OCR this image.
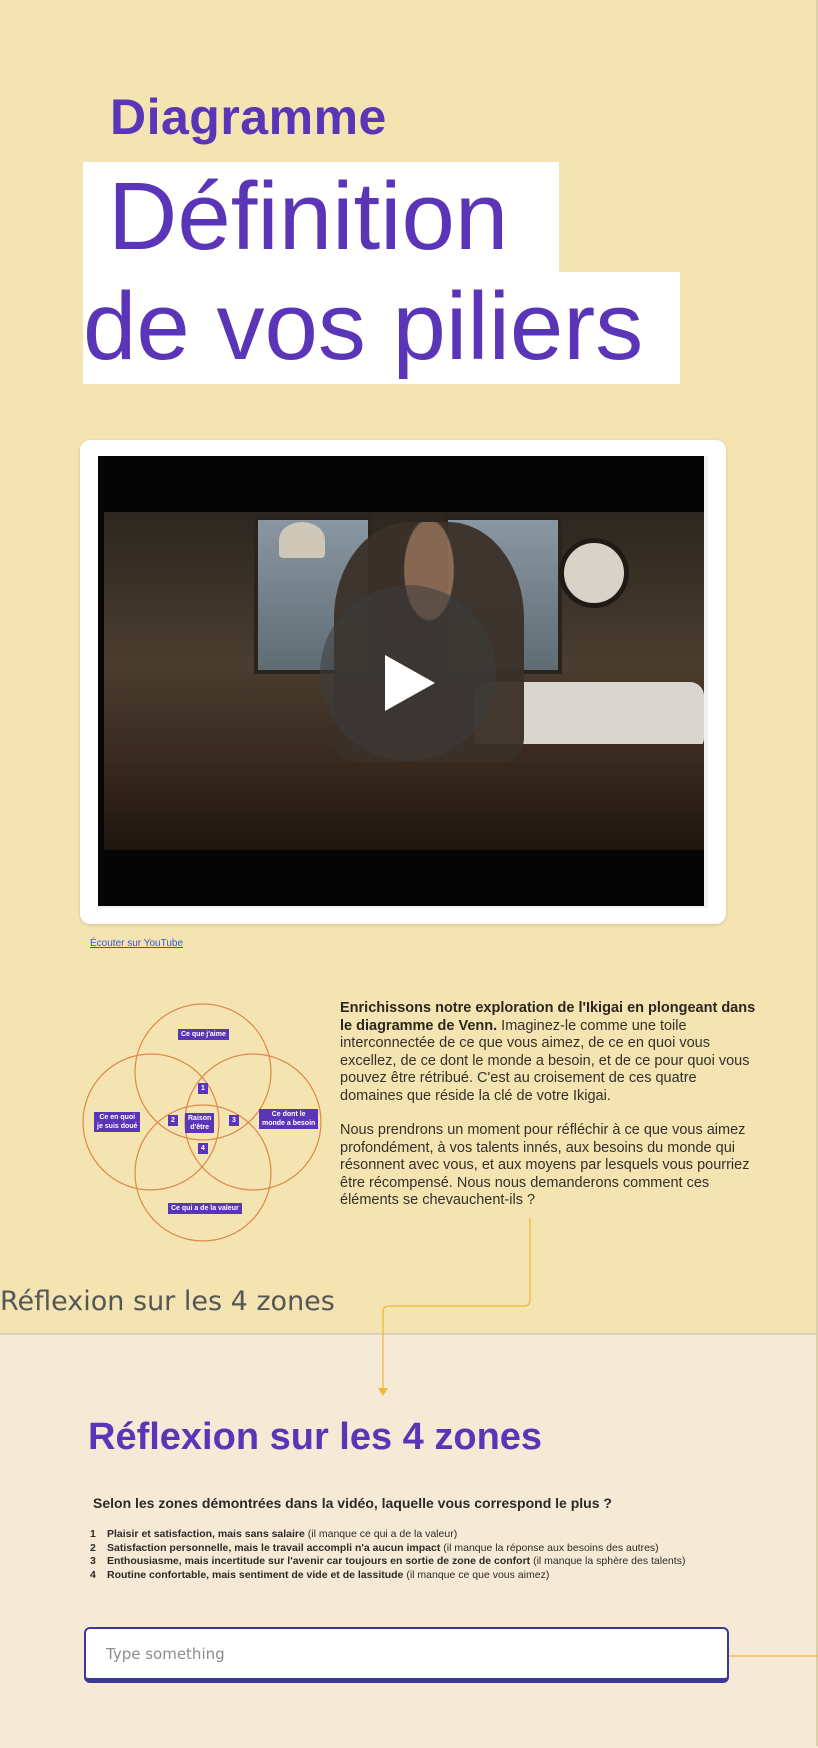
Diagramme
Définition
de vos piliers
Écouter sur YouTube
Ce que j'aime
Ce en quoi
je suis doué
Ce dont le
monde a besoin
Ce qui a de la valeur
Raison
d'être
1
2	3
4

Enrichissons notre exploration de l'Ikigai en plongeant dans le diagramme de Venn. Imaginez-le comme une toile interconnectée de ce que vous aimez, de ce en quoi vous excellez, de ce dont le monde a besoin, et de ce pour quoi vous pouvez être rétribué. C'est au croisement de ces quatre domaines que réside la clé de votre Ikigai.

Nous prendrons un moment pour réfléchir à ce que vous aimez profondément, à vos talents innés, aux besoins du monde qui résonnent avec vous, et aux moyens par lesquels vous pourriez être récompensé. Nous nous demanderons comment ces éléments se chevauchent-ils ?

Réflexion sur les 4 zones
Réflexion sur les 4 zones
Selon les zones démontrées dans la vidéo, laquelle vous correspond le plus ?
1 Plaisir et satisfaction, mais sans salaire (il manque ce qui a de la valeur)
2 Satisfaction personnelle, mais le travail accompli n'a aucun impact (il manque la réponse aux besoins des autres)
3 Enthousiasme, mais incertitude sur l'avenir car toujours en sortie de zone de confort (il manque la sphère des talents)
4 Routine confortable, mais sentiment de vide et de lassitude (il manque ce que vous aimez)
Type something
